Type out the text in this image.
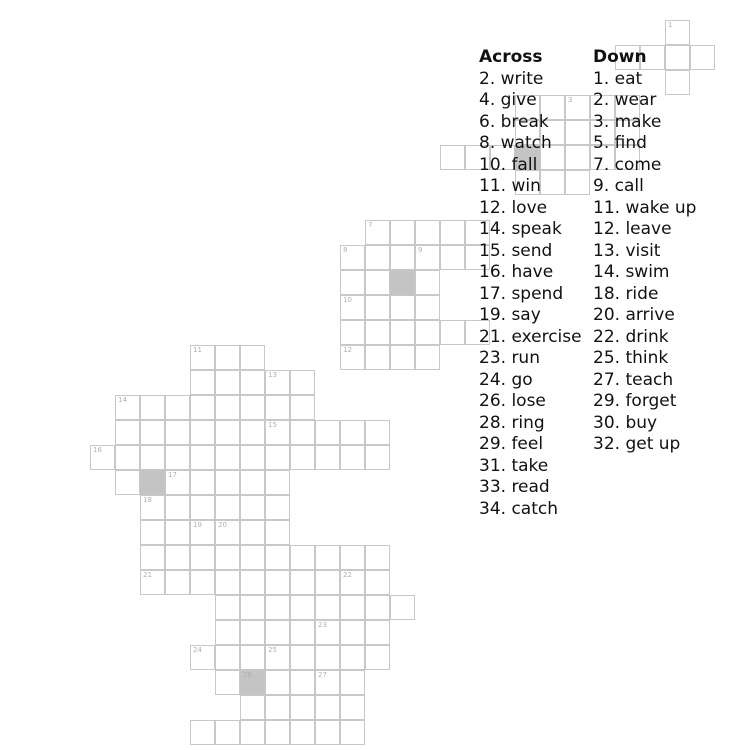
1
3
7
8	9
10
11	12
13
14
15
16
17
18
19 20
21	22
23
24	25
26	27
Across
2. write
4. give
6. break
8. watch
10. fall
11. win
12. love
14. speak
15. send
16. have
17. spend
19. say
21. exercise
23. run
24. go
26. lose
28. ring
29. feel
31. take
33. read
34. catch
Down
1. eat
2. wear
3. make
5. find
7. come
9. call
11. wake up
12. leave
13. visit
14. swim
18. ride
20. arrive
22. drink
25. think
27. teach
29. forget
30. buy
32. get up
